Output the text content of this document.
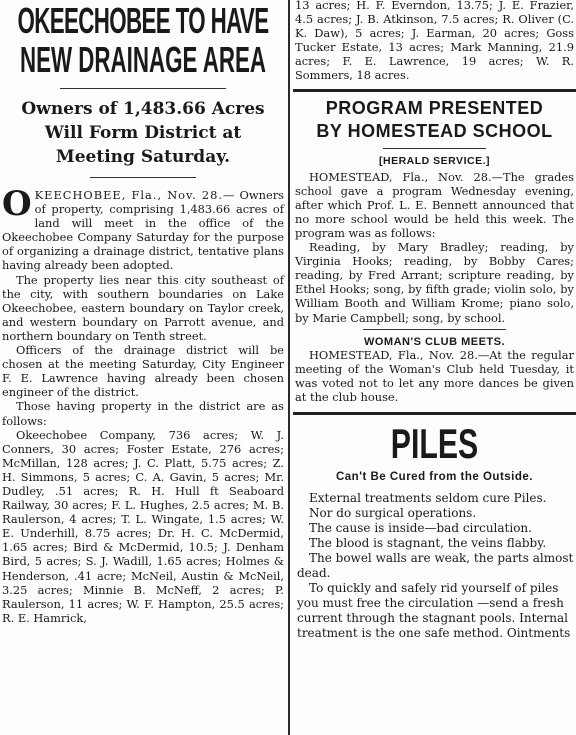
OKEECHOBEE TO HAVE
NEW DRAINAGE AREA
Owners of 1,483.66 Acres Will Form District at Meeting Saturday.

OKEECHOBEE, Fla., Nov. 28.— Owners of property, comprising 1,483.66 acres of land will meet in the office of the Okeechobee Company Saturday for the purpose of organizing a drainage district, tentative plans having already been adopted.

The property lies near this city southeast of the city, with southern boundaries on Lake Okeechobee, eastern boundary on Taylor creek, and western boundary on Parrott avenue, and northern boundary on Tenth street.

Officers of the drainage district will be chosen at the meeting Saturday, City Engineer F. E. Lawrence having already been chosen engineer of the district.

Those having property in the district are as follows:

Okeechobee Company, 736 acres; W. J. Conners, 30 acres; Foster Estate, 276 acres; McMillan, 128 acres; J. C. Platt, 5.75 acres; Z. H. Simmons, 5 acres; C. A. Gavin, 5 acres; Mr. Dudley, .51 acres; R. H. Hull ft Seaboard Railway, 30 acres; F. L. Hughes, 2.5 acres; M. B. Raulerson, 4 acres; T. L. Wingate, 1.5 acres; W. E. Underhill, 8.75 acres; Dr. H. C. McDermid, 1.65 acres; Bird & McDermid, 10.5; J. Denham Bird, 5 acres; S. J. Wadill, 1.65 acres; Holmes & Henderson, .41 acre; McNeil, Austin & McNeil, 3.25 acres; Minnie B. McNeff, 2 acres; P. Raulerson, 11 acres; W. F. Hampton, 25.5 acres; R. E. Hamrick,

13 acres; H. F. Everndon, 13.75; J. E. Frazier, 4.5 acres; J. B. Atkinson, 7.5 acres; R. Oliver (C. K. Daw), 5 acres; J. Earman, 20 acres; Goss Tucker Estate, 13 acres; Mark Manning, 21.9 acres; F. E. Lawrence, 19 acres; W. R. Sommers, 18 acres.
PROGRAM PRESENTED
BY HOMESTEAD SCHOOL
[HERALD SERVICE.]

HOMESTEAD, Fla., Nov. 28.—The grades school gave a program Wednesday evening, after which Prof. L. E. Bennett announced that no more school would be held this week. The program was as follows:

Reading, by Mary Bradley; reading, by Virginia Hooks; reading, by Bobby Cares; reading, by Fred Arrant; scripture reading, by Ethel Hooks; song, by fifth grade; violin solo, by William Booth and William Krome; piano solo, by Marie Campbell; song, by school.

WOMAN'S CLUB MEETS.

HOMESTEAD, Fla., Nov. 28.—At the regular meeting of the Woman's Club held Tuesday, it was voted not to let any more dances be given at the club house.

PILES
Can't Be Cured from the Outside.

External treatments seldom cure Piles.

Nor do surgical operations.

The cause is inside—bad circulation.

The blood is stagnant, the veins flabby.

The bowel walls are weak, the parts almost dead.

To quickly and safely rid yourself of piles you must free the circulation —send a fresh current through the stagnant pools. Internal treatment is the one safe method. Ointments
